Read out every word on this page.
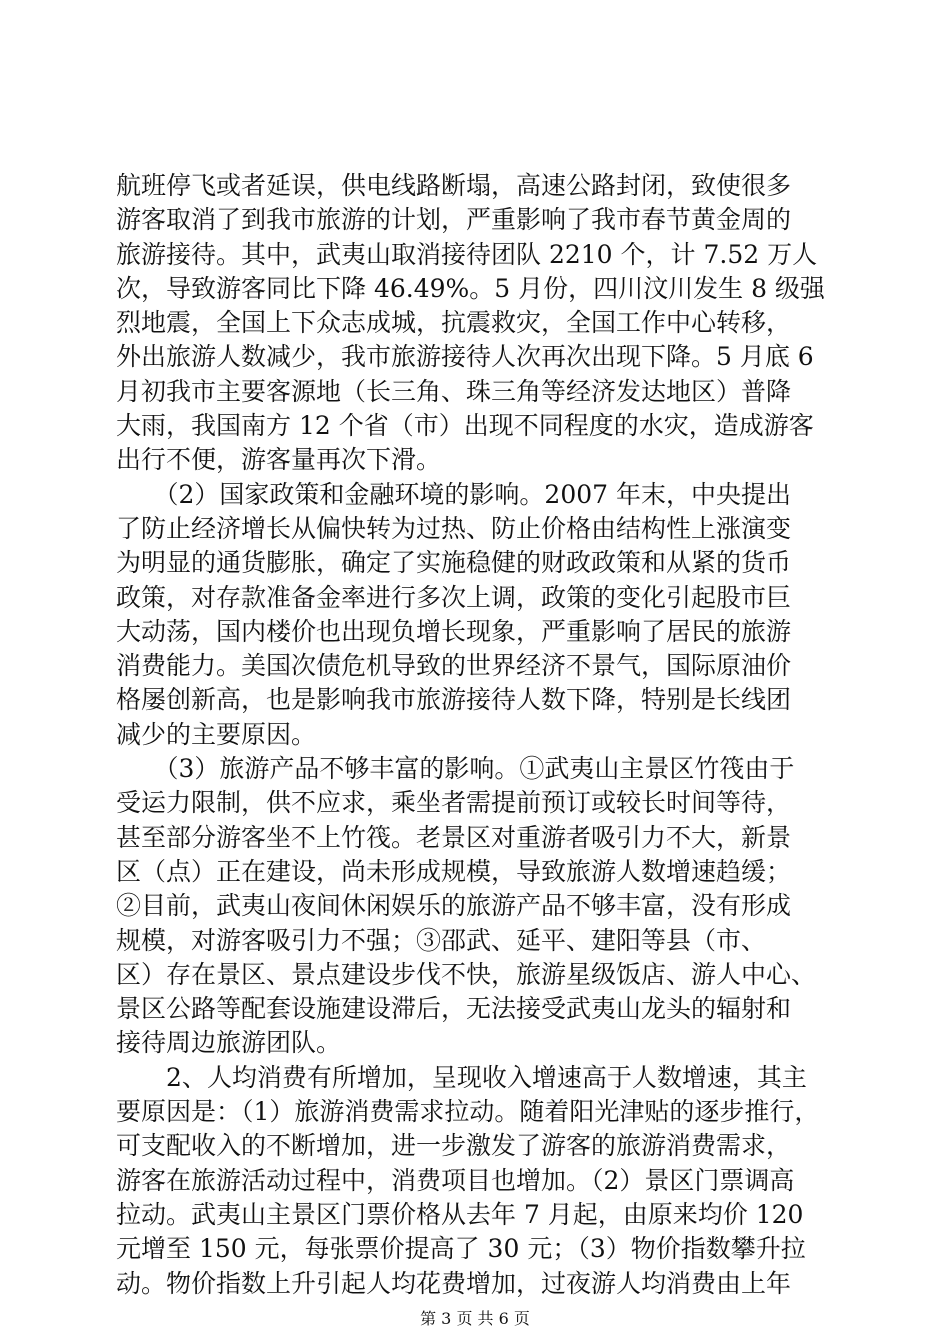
航班停飞或者延误，供电线路断塌，高速公路封闭，致使很多
游客取消了到我市旅游的计划，严重影响了我市春节黄金周的
旅游接待。其中，武夷山取消接待团队 2210 个，计 7.52 万人
次，导致游客同比下降 46.49%。5 月份，四川汶川发生 8 级强
烈地震，全国上下众志成城，抗震救灾，全国工作中心转移，
外出旅游人数减少，我市旅游接待人次再次出现下降。5 月底 6
月初我市主要客源地（长三角、珠三角等经济发达地区）普降
大雨，我国南方 12 个省（市）出现不同程度的水灾，造成游客
出行不便，游客量再次下滑。
　　（2）国家政策和金融环境的影响。2007 年末，中央提出
了防止经济增长从偏快转为过热、防止价格由结构性上涨演变
为明显的通货膨胀，确定了实施稳健的财政政策和从紧的货币
政策，对存款准备金率进行多次上调，政策的变化引起股市巨
大动荡，国内楼价也出现负增长现象，严重影响了居民的旅游
消费能力。美国次债危机导致的世界经济不景气，国际原油价
格屡创新高，也是影响我市旅游接待人数下降，特别是长线团
减少的主要原因。
　　（3）旅游产品不够丰富的影响。①武夷山主景区竹筏由于
受运力限制，供不应求，乘坐者需提前预订或较长时间等待，
甚至部分游客坐不上竹筏。老景区对重游者吸引力不大，新景
区（点）正在建设，尚未形成规模，导致旅游人数增速趋缓；
②目前，武夷山夜间休闲娱乐的旅游产品不够丰富，没有形成
规模，对游客吸引力不强；③邵武、延平、建阳等县（市、
区）存在景区、景点建设步伐不快，旅游星级饭店、游人中心、
景区公路等配套设施建设滞后，无法接受武夷山龙头的辐射和
接待周边旅游团队。
　　2、人均消费有所增加，呈现收入增速高于人数增速，其主
要原因是：（1）旅游消费需求拉动。随着阳光津贴的逐步推行，
可支配收入的不断增加，进一步激发了游客的旅游消费需求，
游客在旅游活动过程中，消费项目也增加。（2）景区门票调高
拉动。武夷山主景区门票价格从去年 7 月起，由原来均价 120
元增至 150 元，每张票价提高了 30 元；（3）物价指数攀升拉
动。物价指数上升引起人均花费增加，过夜游人均消费由上年
第 3 页 共 6 页
